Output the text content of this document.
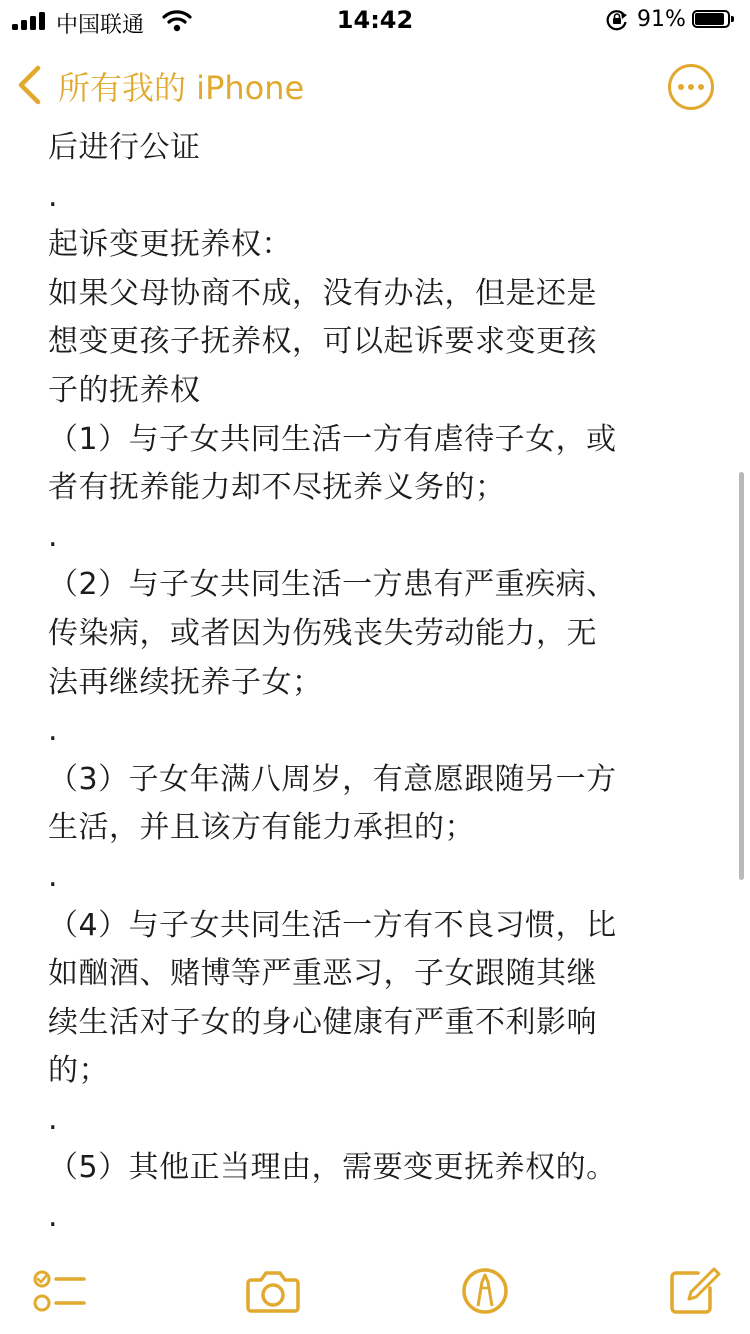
中国联通	14:42	91%
所有我的 iPhone
后进行公证
.
起诉变更抚养权：
如果父母协商不成，没有办法，但是还是
想变更孩子抚养权，可以起诉要求变更孩
子的抚养权
（1）与子女共同生活一方有虐待子女，或
者有抚养能力却不尽抚养义务的；
.
（2）与子女共同生活一方患有严重疾病、
传染病，或者因为伤残丧失劳动能力，无
法再继续抚养子女；
.
（3）子女年满八周岁，有意愿跟随另一方
生活，并且该方有能力承担的；
.
（4）与子女共同生活一方有不良习惯，比
如酗酒、赌博等严重恶习，子女跟随其继
续生活对子女的身心健康有严重不利影响
的；
.
（5）其他正当理由，需要变更抚养权的。
.
